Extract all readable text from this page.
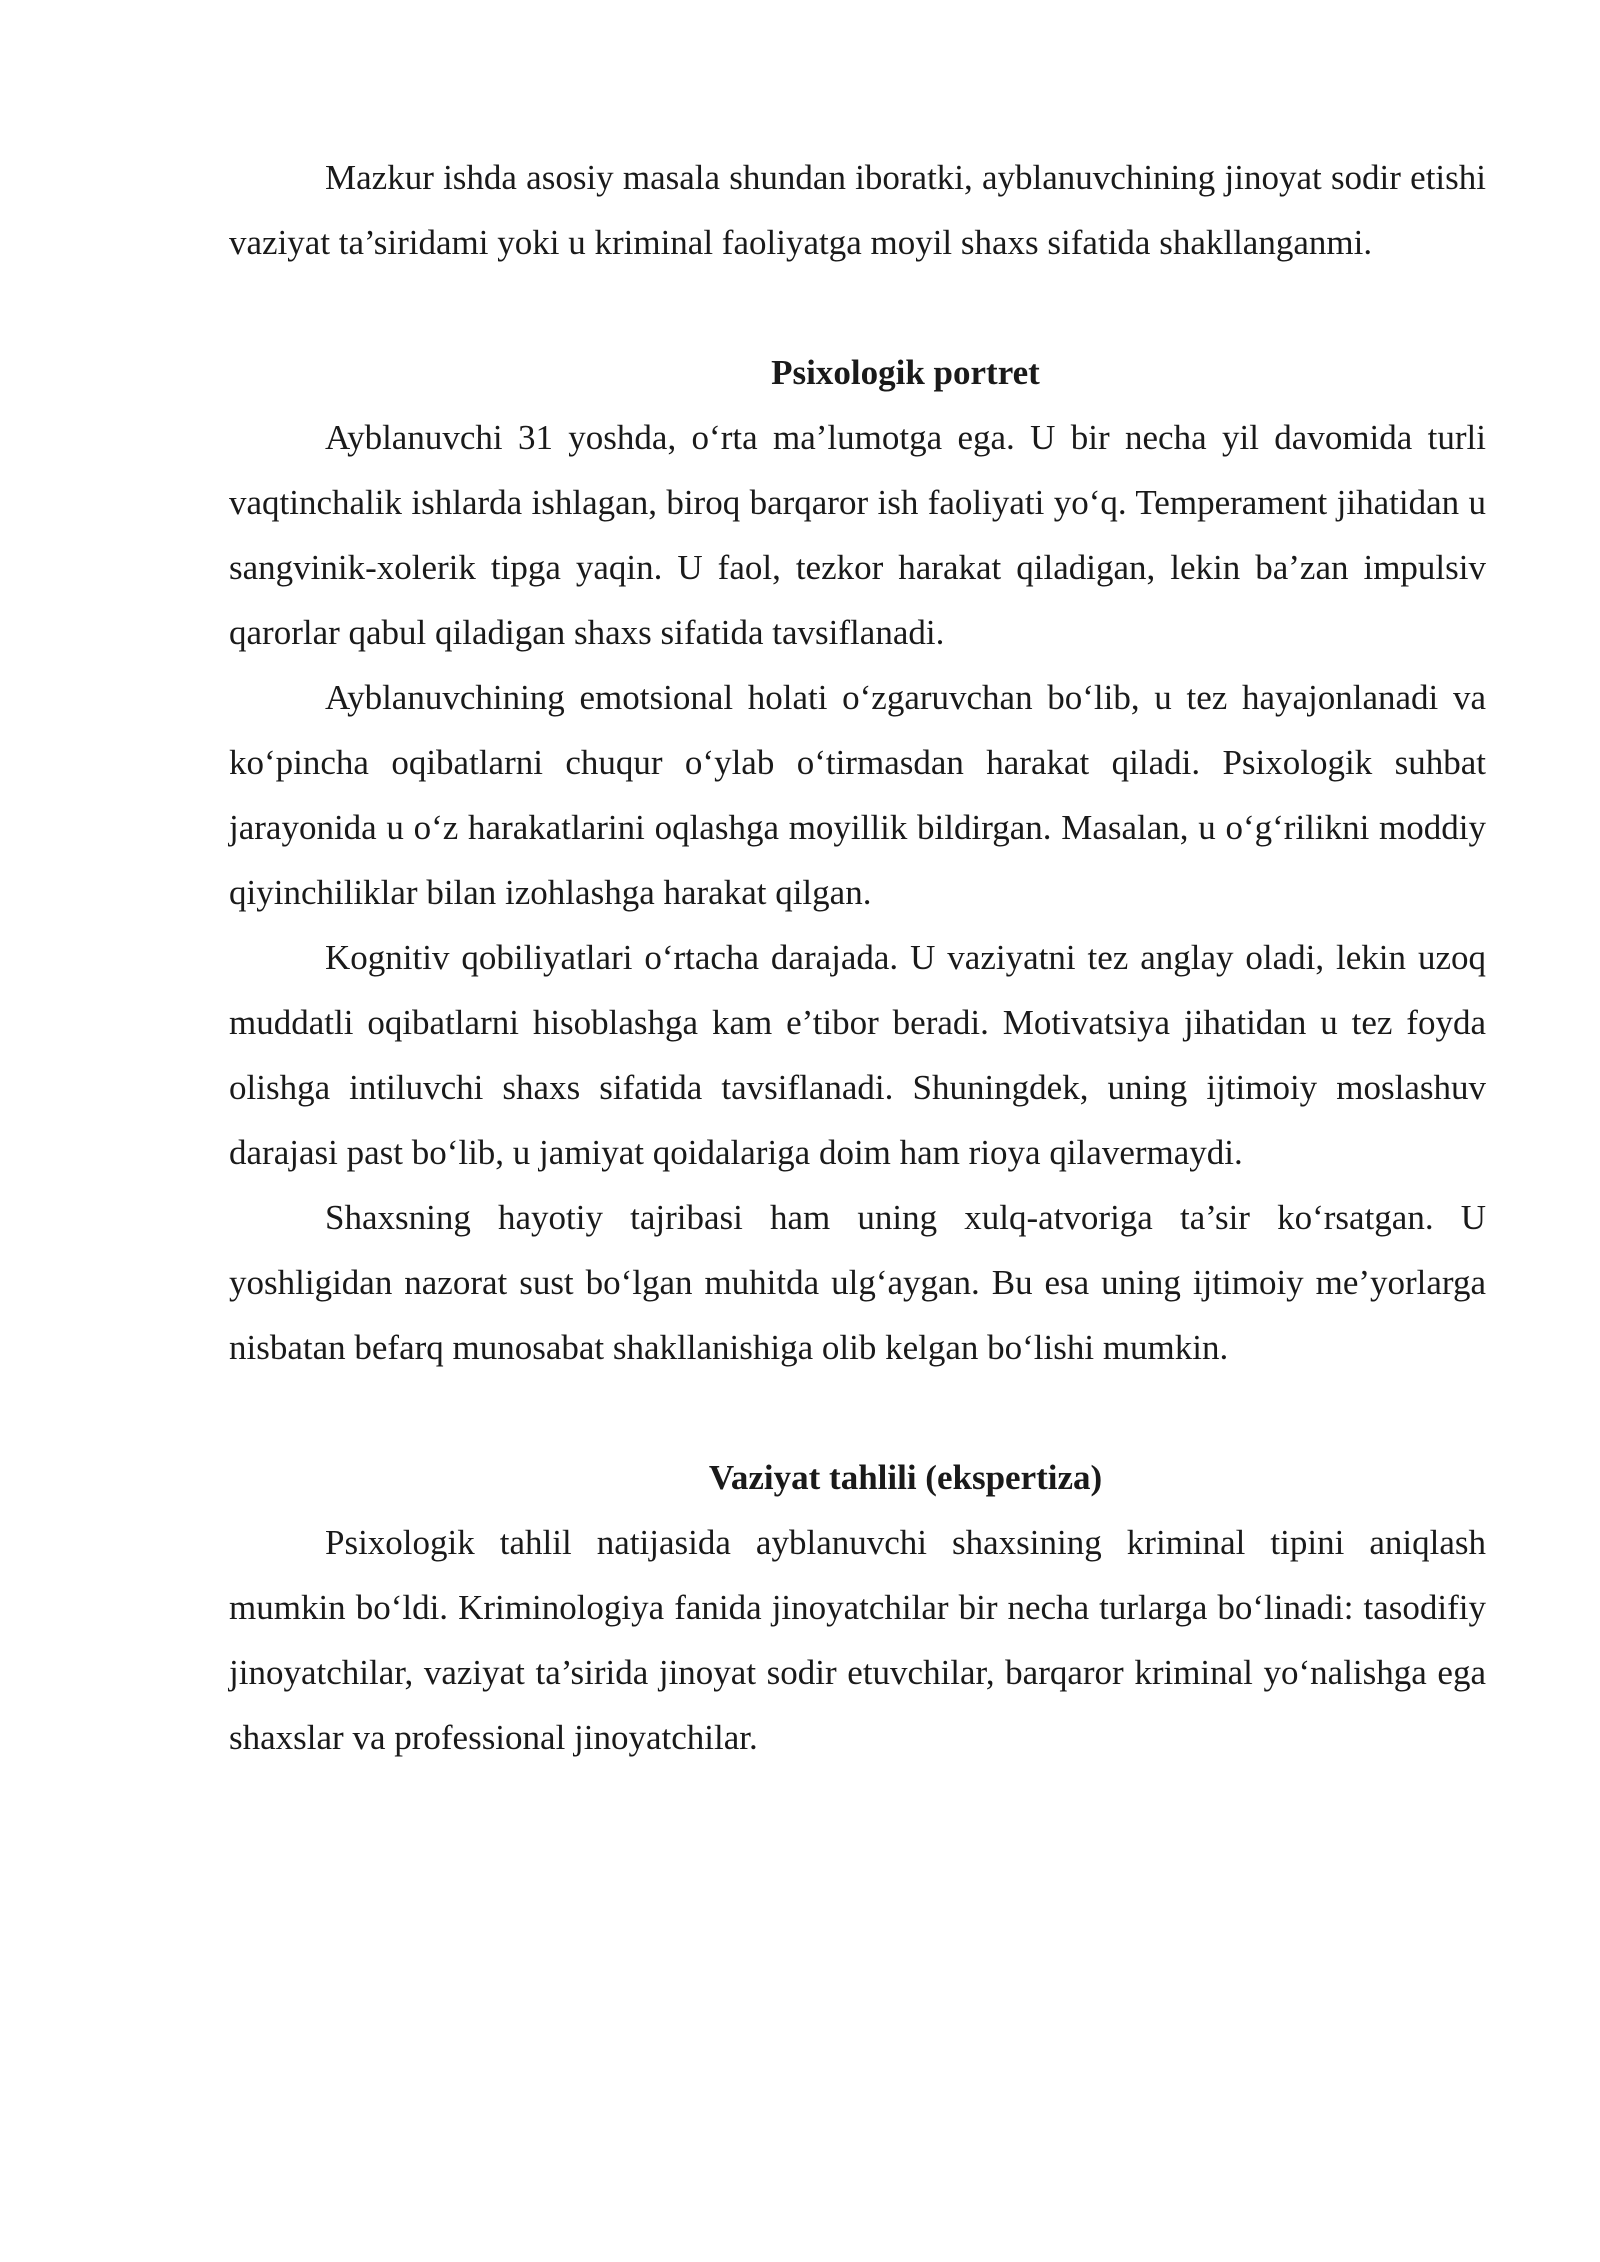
Mazkur ishda asosiy masala shundan iboratki, ayblanuvchining jinoyat sodir etishi vaziyat ta’siridami yoki u kriminal faoliyatga moyil shaxs sifatida shakllanganmi.

Psixologik portret

Ayblanuvchi 31 yoshda, o‘rta ma’lumotga ega. U bir necha yil davomida turli vaqtinchalik ishlarda ishlagan, biroq barqaror ish faoliyati yo‘q. Temperament jihatidan u sangvinik-xolerik tipga yaqin. U faol, tezkor harakat qiladigan, lekin ba’zan impulsiv qarorlar qabul qiladigan shaxs sifatida tavsiflanadi.

Ayblanuvchining emotsional holati o‘zgaruvchan bo‘lib, u tez hayajonlanadi va ko‘pincha oqibatlarni chuqur o‘ylab o‘tirmasdan harakat qiladi. Psixologik suhbat jarayonida u o‘z harakatlarini oqlashga moyillik bildirgan. Masalan, u o‘g‘rilikni moddiy qiyinchiliklar bilan izohlashga harakat qilgan.

Kognitiv qobiliyatlari o‘rtacha darajada. U vaziyatni tez anglay oladi, lekin uzoq muddatli oqibatlarni hisoblashga kam e’tibor beradi. Motivatsiya jihatidan u tez foyda olishga intiluvchi shaxs sifatida tavsiflanadi. Shuningdek, uning ijtimoiy moslashuv darajasi past bo‘lib, u jamiyat qoidalariga doim ham rioya qilavermaydi.

Shaxsning hayotiy tajribasi ham uning xulq-atvoriga ta’sir ko‘rsatgan. U yoshligidan nazorat sust bo‘lgan muhitda ulg‘aygan. Bu esa uning ijtimoiy me’yorlarga nisbatan befarq munosabat shakllanishiga olib kelgan bo‘lishi mumkin.

Vaziyat tahlili (ekspertiza)

Psixologik tahlil natijasida ayblanuvchi shaxsining kriminal tipini aniqlash mumkin bo‘ldi. Kriminologiya fanida jinoyatchilar bir necha turlarga bo‘linadi: tasodifiy jinoyatchilar, vaziyat ta’sirida jinoyat sodir etuvchilar, barqaror kriminal yo‘nalishga ega shaxslar va professional jinoyatchilar.
